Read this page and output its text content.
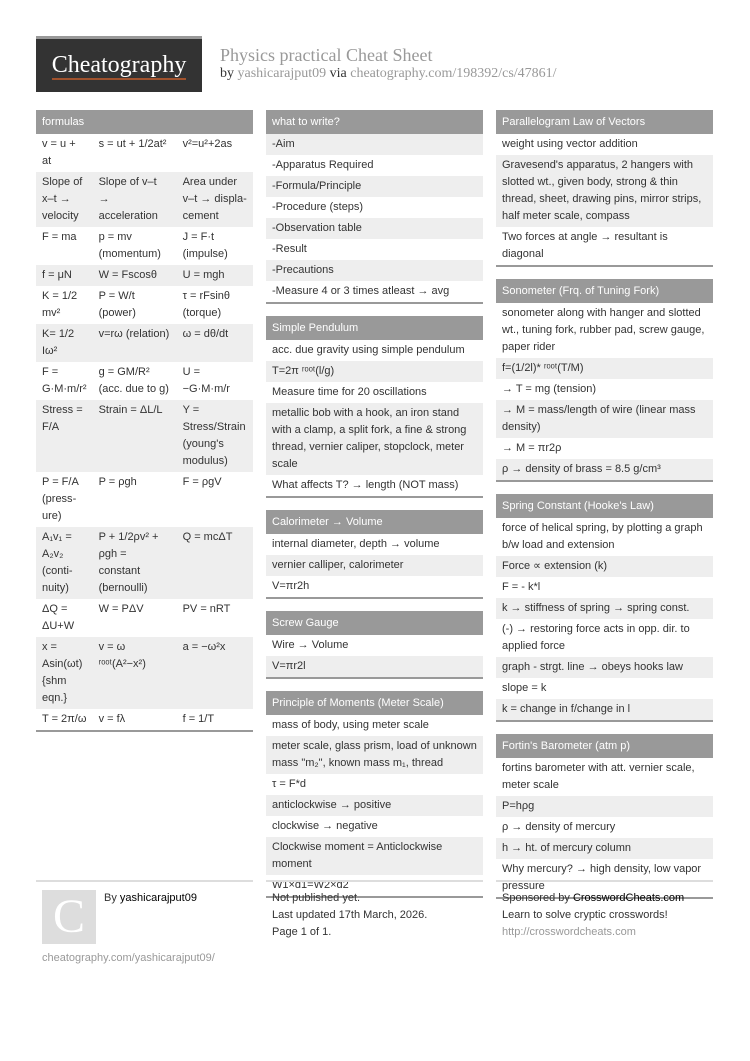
Cheatography Physics practical Cheat Sheet
by yashicarajput09 via cheatography.com/198392/cs/47861/
formulas
v = u + at	s = ut + 1/2at²	v²=u²+2as
Slope of x–t → velocity	Slope of v–t → acceleration	Area under v–t → displacement
F = ma	p = mv (momentum)	J = F·t (impulse)
f = μN	W = Fscosθ	U = mgh
K = 1/2 mv²	P = W/t (power)	τ = rFsinθ (torque)
K= 1/2 Iω²	v=rω (relation)	ω = dθ/dt
F = G·M·m/r²	g = GM/R² (acc. due to g)	U = −G·M·m/r
Stress = F/A	Strain = ΔL/L	Y = Stress/Strain (young's modulus)
P = F/A (pressure)	P = ρgh	F = ρgV
A₁v₁ = A₂v₂ (continuity)	P + 1/2ρv² + ρgh = constant (bernoulli)	Q = mcΔT
ΔQ = ΔU+W	W = PΔV	PV = nRT
x = Asin(ωt) {shm eqn.}	v = ω ʳᵒᵒᵗ(A²−x²)	a = −ω²x
T = 2π/ω	v = fλ	f = 1/T
what to write?
-Aim
-Apparatus Required
-Formula/Principle
-Procedure (steps)
-Observation table
-Result
-Precautions
-Measure 4 or 3 times atleast → avg
Simple Pendulum
acc. due gravity using simple pendulum
T=2π ʳᵒᵒᵗ(l/g)
Measure time for 20 oscillations
metallic bob with a hook, an iron stand with a clamp, a split fork, a fine & strong thread, vernier caliper, stopclock, meter scale
What affects T? → length (NOT mass)
Calorimeter → Volume
internal diameter, depth → volume
vernier calliper, calorimeter
V=πr2h
Screw Gauge
Wire → Volume
V=πr2l
Principle of Moments (Meter Scale)
mass of body, using meter scale
meter scale, glass prism, load of unknown mass "m₂", known mass m₁, thread
τ = F*d
anticlockwise → positive
clockwise → negative
Clockwise moment = Anticlockwise moment
W1×d1=W2×d2
Parallelogram Law of Vectors
weight using vector addition
Gravesend's apparatus, 2 hangers with slotted wt., given body, strong & thin thread, sheet, drawing pins, mirror strips, half meter scale, compass
Two forces at angle → resultant is diagonal
Sonometer (Frq. of Tuning Fork)
sonometer along with hanger and slotted wt., tuning fork, rubber pad, screw gauge, paper rider
f=(1/2l)* ʳᵒᵒᵗ(T/M)
→ T = mg (tension)
→ M = mass/length of wire (linear mass density)
→ M = πr2ρ
ρ → density of brass = 8.5 g/cm³
Spring Constant (Hooke's Law)
force of helical spring, by plotting a graph b/w load and extension
Force ∝ extension (k)
F = - k*l
k → stiffness of spring → spring const.
(-) → restoring force acts in opp. dir. to applied force
graph - strgt. line → obeys hooks law
slope = k
k = change in f/change in l
Fortin's Barometer (atm p)
fortins barometer with att. vernier scale, meter scale
P=hρg
ρ → density of mercury
h → ht. of mercury column
Why mercury? → high density, low vapor pressure
C	By yashicarajput09
cheatography.com/yashicarajput09/
Not published yet.
Last updated 17th March, 2026.
Page 1 of 1.
Sponsored by CrosswordCheats.com
Learn to solve cryptic crosswords!
http://crosswordcheats.com
